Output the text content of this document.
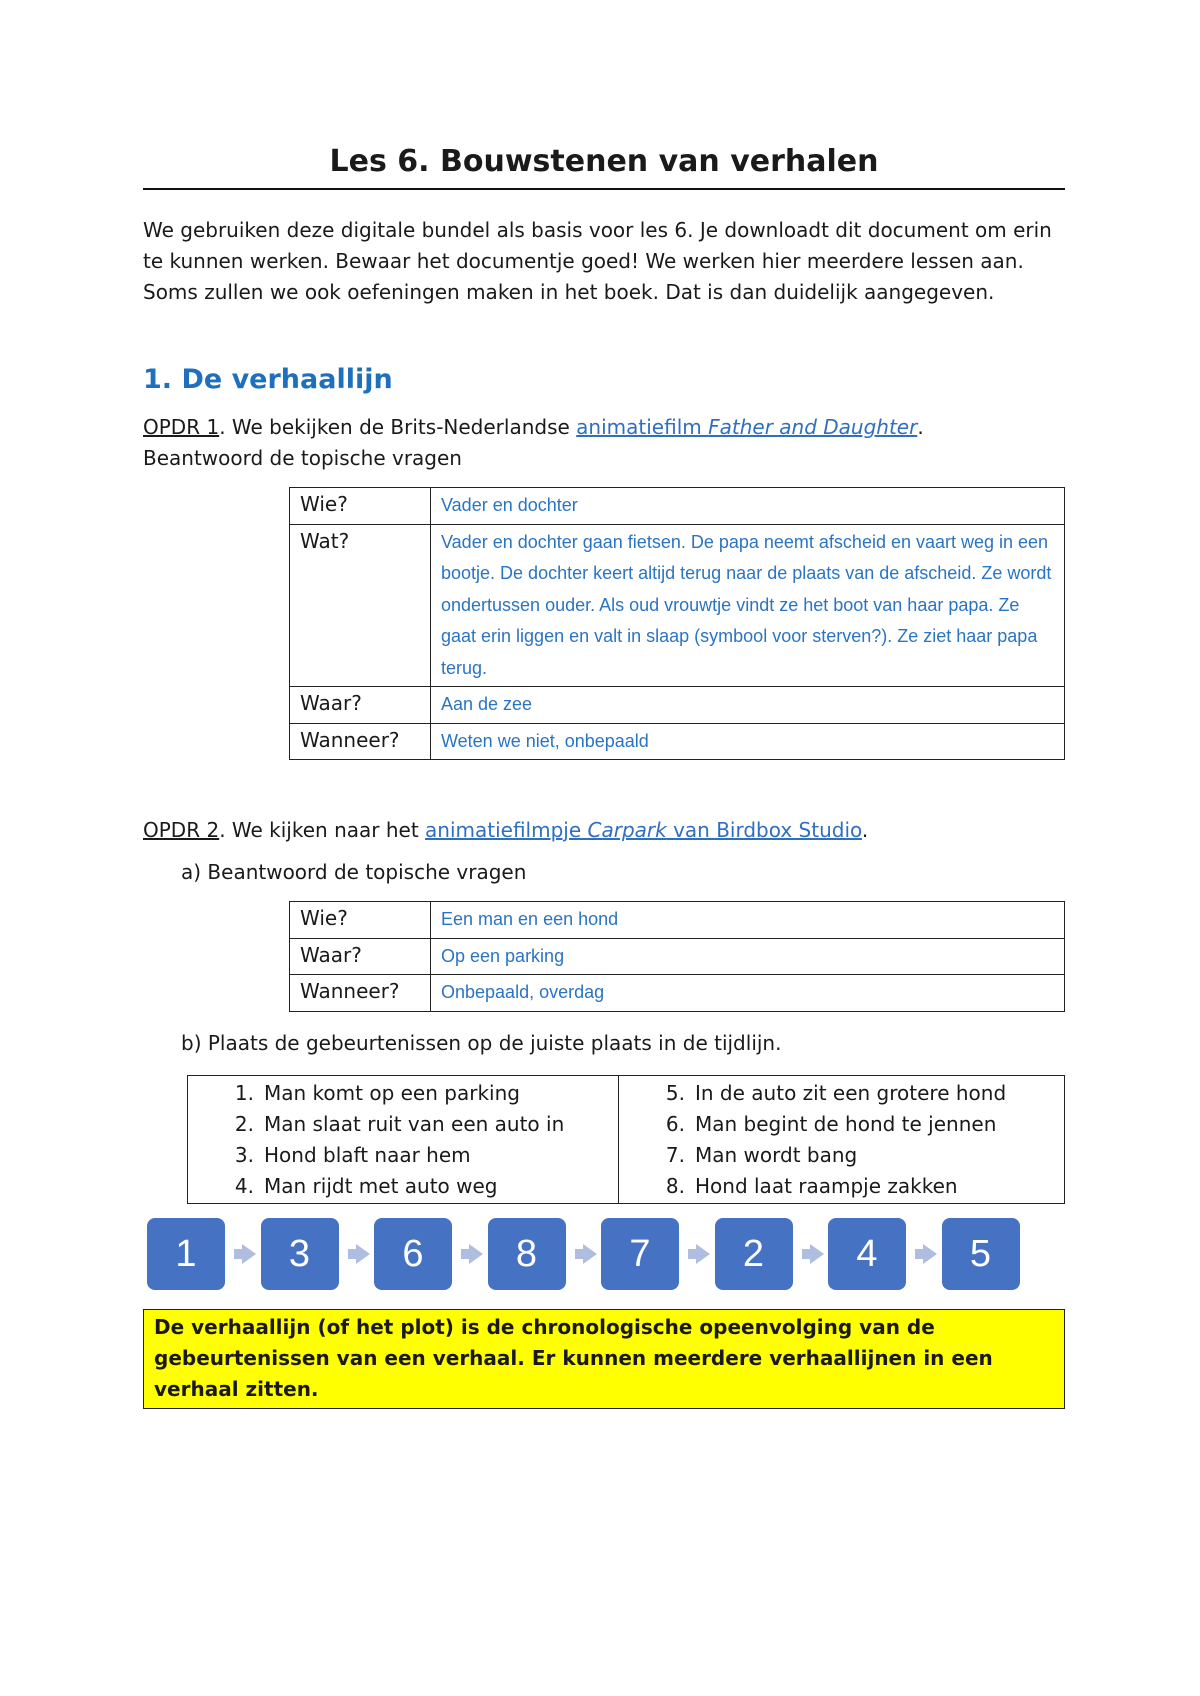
Les 6. Bouwstenen van verhalen
We gebruiken deze digitale bundel als basis voor les 6. Je downloadt dit document om erin te kunnen werken. Bewaar het documentje goed! We werken hier meerdere lessen aan. Soms zullen we ook oefeningen maken in het boek. Dat is dan duidelijk aangegeven.
1. De verhaallijn
OPDR 1. We bekijken de Brits-Nederlandse animatiefilm Father and Daughter.
Beantwoord de topische vragen
Wie?	Vader en dochter
Wat?	Vader en dochter gaan fietsen. De papa neemt afscheid en vaart weg in een bootje. De dochter keert altijd terug naar de plaats van de afscheid. Ze wordt ondertussen ouder. Als oud vrouwtje vindt ze het boot van haar papa. Ze gaat erin liggen en valt in slaap (symbool voor sterven?). Ze ziet haar papa terug.
Waar?	Aan de zee
Wanneer?	Weten we niet, onbepaald
OPDR 2. We kijken naar het animatiefilmpje Carpark van Birdbox Studio.
a) Beantwoord de topische vragen
Wie?	Een man en een hond
Waar?	Op een parking
Wanneer?	Onbepaald, overdag
b) Plaats de gebeurtenissen op de juiste plaats in de tijdlijn.
1. Man komt op een parking
2. Man slaat ruit van een auto in
3. Hond blaft naar hem
4. Man rijdt met auto weg

5. In de auto zit een grotere hond
6. Man begint de hond te jennen
7. Man wordt bang
8. Hond laat raampje zakken
1	3	6	8	7	2	4	5
De verhaallijn (of het plot) is de chronologische opeenvolging van de gebeurtenissen van een verhaal. Er kunnen meerdere verhaallijnen in een verhaal zitten.
